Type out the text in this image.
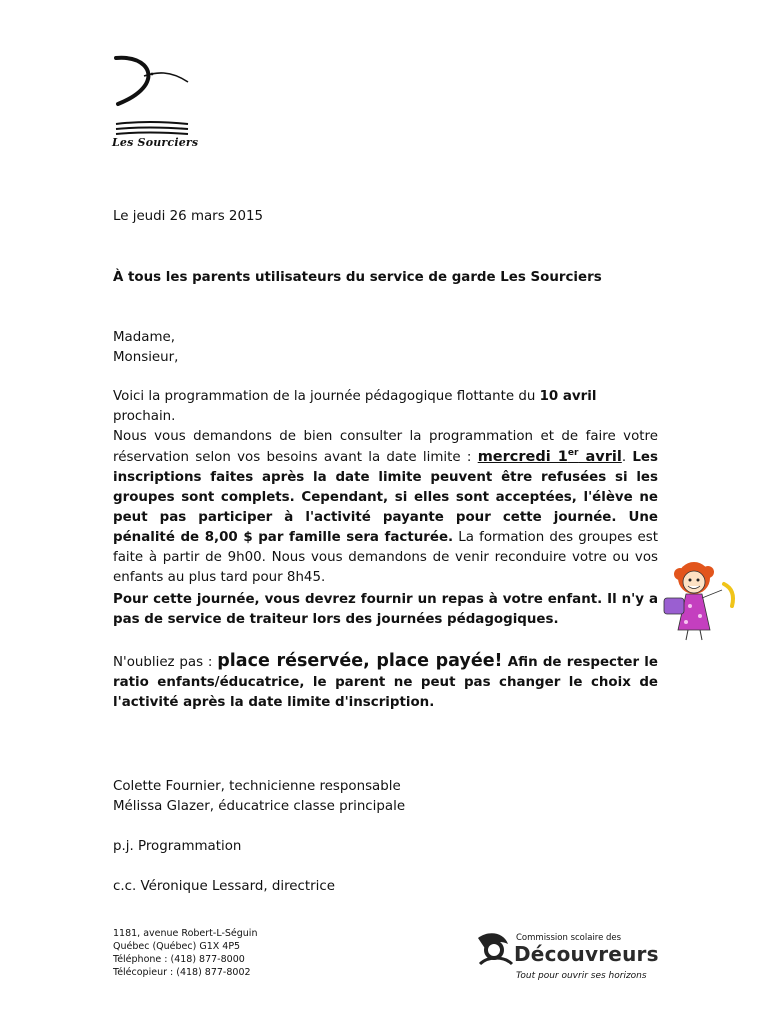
Les Sourciers
Le jeudi 26 mars 2015
À tous les parents utilisateurs du service de garde Les Sourciers
Madame,
Monsieur,
Voici la programmation de la journée pédagogique flottante du 10 avril prochain.
Nous vous demandons de bien consulter la programmation et de faire votre réservation selon vos besoins avant la date limite : mercredi 1er avril. Les inscriptions faites après la date limite peuvent être refusées si les groupes sont complets. Cependant, si elles sont acceptées, l'élève ne peut pas participer à l'activité payante pour cette journée. Une pénalité de 8,00 $ par famille sera facturée. La formation des groupes est faite à partir de 9h00. Nous vous demandons de venir reconduire votre ou vos enfants au plus tard pour 8h45.
Pour cette journée, vous devrez fournir un repas à votre enfant. Il n'y a pas de service de traiteur lors des journées pédagogiques.
N'oubliez pas : place réservée, place payée! Afin de respecter le ratio enfants/éducatrice, le parent ne peut pas changer le choix de l'activité après la date limite d'inscription.
Colette Fournier, technicienne responsable
Mélissa Glazer, éducatrice classe principale
p.j. Programmation
c.c. Véronique Lessard, directrice
1181, avenue Robert-L-Séguin
Québec (Québec) G1X 4P5
Téléphone : (418) 877-8000
Télécopieur : (418) 877-8002
Commission scolaire des
Découvreurs
Tout pour ouvrir ses horizons
